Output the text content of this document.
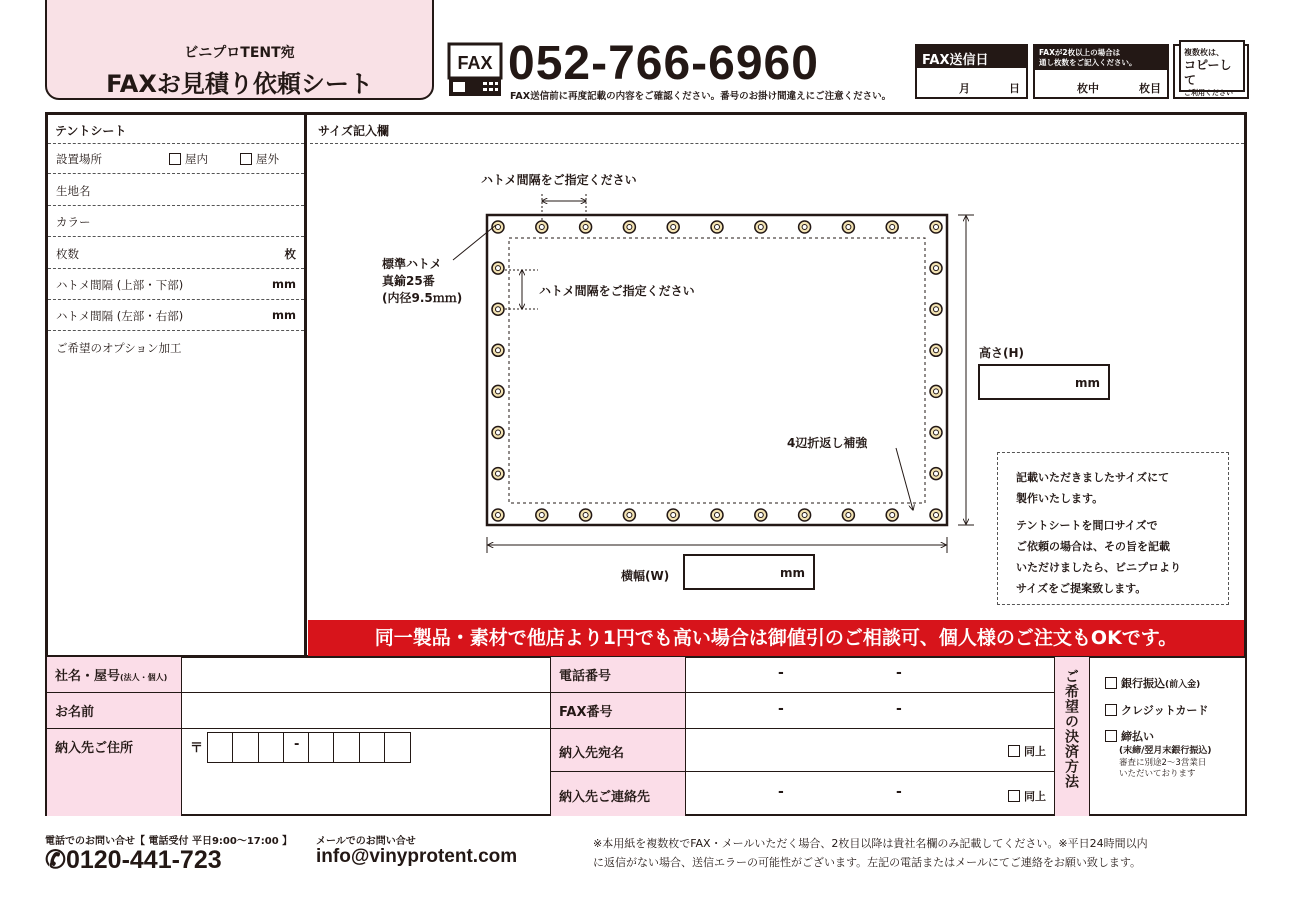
ビニプロTENT宛
FAXお見積り依頼シート
FAX 052-766-6960
FAX送信前に再度記載の内容をご確認ください。番号のお掛け間違えにご注意ください。
FAX送信日
月	日
FAXが2枚以上の場合は
通し枚数をご記入ください。
枚中	枚目
複数枚は、
コピーして
ご利用ください
テントシート
設置場所	屋内	屋外
生地名
カラー
枚数	枚
ハトメ間隔 (上部・下部)	mm
ハトメ間隔 (左部・右部)	mm
ご希望のオプション加工
サイズ記入欄
ハトメ間隔をご指定ください
ハトメ間隔をご指定ください
標準ハトメ
真鍮25番
(内径9.5ｍｍ)
4辺折返し補強
高さ(H)
mm
横幅(W)	mm
記載いただきましたサイズにて
製作いたします。
テントシートを間口サイズで
ご依頼の場合は、その旨を記載
いただけましたら、ビニプロより
サイズをご提案致します。
同一製品・素材で他店より1円でも高い場合は御値引のご相談可、個人様のご注文もOKです。
社名・屋号(法人・個人)
お名前
納入先ご住所	〒	-
電話番号	-	-
FAX番号	-	-
納入先宛名	同上
納入先ご連絡先	-	-	同上
ご希望の決済方法	銀行振込(前入金)
クレジットカード
締払い
(末締/翌月末銀行振込)
審査に別途2〜3営業日
いただいております
電話でのお問い合せ【 電話受付 平日9:00〜17:00 】
✆0120-441-723
メールでのお問い合せ
info@vinyprotent.com
※本用紙を複数枚でFAX・メールいただく場合、2枚目以降は貴社名欄のみ記載してください。※平日24時間以内
に返信がない場合、送信エラーの可能性がございます。左記の電話またはメールにてご連絡をお願い致します。
